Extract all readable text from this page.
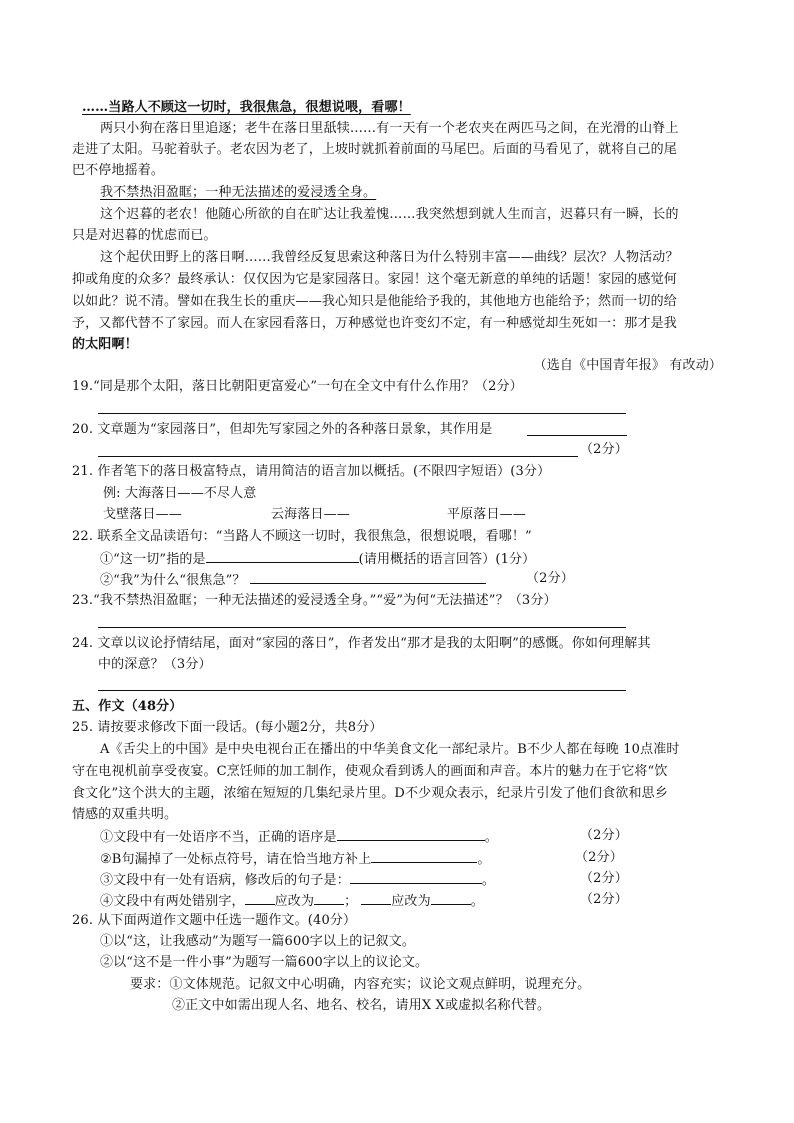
……当路人不顾这一切时，我很焦急，很想说喂，看哪！
两只小狗在落日里追逐；老牛在落日里舐犊……有一天有一个老农夹在两匹马之间，在光滑的山脊上
走进了太阳。马驼着驮子。老农因为老了，上坡时就抓着前面的马尾巴。后面的马看见了，就将自己的尾
巴不停地摇着。
我不禁热泪盈眶；一种无法描述的爱浸透全身。
这个迟暮的老农！他随心所欲的自在旷达让我羞愧……我突然想到就人生而言，迟暮只有一瞬，长的
只是对迟暮的忧虑而已。
这个起伏田野上的落日啊……我曾经反复思索这种落日为什么特别丰富——曲线？层次？人物活动？
抑或角度的众多？最终承认：仅仅因为它是家园落日。家园！这个毫无新意的单纯的话题！家园的感觉何
以如此？说不清。譬如在我生长的重庆——我心知只是他能给予我的，其他地方也能给予；然而一切的给
予，又都代替不了家园。而人在家园看落日，万种感觉也许变幻不定，有一种感觉却生死如一：那才是我
的太阳啊！
（选自《中国青年报》 有改动）
19.“同是那个太阳，落日比朝阳更富爱心”一句在全文中有什么作用？（2分）
20. 文章题为“家园落日”，但却先写家园之外的各种落日景象，其作用是
（2分）
21. 作者笔下的落日极富特点，请用简洁的语言加以概括。(不限四字短语）(3分）
例: 大海落日——不尽人意
戈壁落日——	云海落日——	平原落日——
22. 联系全文品读语句：“当路人不顾这一切时，我很焦急，很想说喂，看哪！”
①“这一切”指的是	(请用概括的语言回答）(1分）
②“我”为什么“很焦急”？	（2分）
23.“我不禁热泪盈眶；一种无法描述的爱浸透全身。”“爱”为何“无法描述”？（3分）
24. 文章以议论抒情结尾，面对“家园的落日”，作者发出“那才是我的太阳啊”的感慨。你如何理解其
中的深意？（3分）
五、作文（48分）
25. 请按要求修改下面一段话。(每小题2分，共8分）
A《舌尖上的中国》是中央电视台正在播出的中华美食文化一部纪录片。B不少人都在每晚 10点准时
守在电视机前享受夜宴。C烹饪师的加工制作，使观众看到诱人的画面和声音。本片的魅力在于它将“饮
食文化”这个洪大的主题，浓缩在短短的几集纪录片里。D不少观众表示，纪录片引发了他们食欲和思乡
情感的双重共明。
①文段中有一处语序不当，正确的语序是	。	（2分）
②B句漏掉了一处标点符号，请在恰当地方补上	。	（2分）
③文段中有一处有语病，修改后的句子是：	。	（2分）
④文段中有两处错别字， 应改为 ；	应改为	。	（2分）
26. 从下面两道作文题中任选一题作文。(40分）
①以“这，让我感动”为题写一篇600字以上的记叙文。
②以“这不是一件小事”为题写一篇600字以上的议论文。
要求：①文体规范。记叙文中心明确，内容充实；议论文观点鲜明，说理充分。
②正文中如需出现人名、地名、校名，请用X X或虚拟名称代替。
